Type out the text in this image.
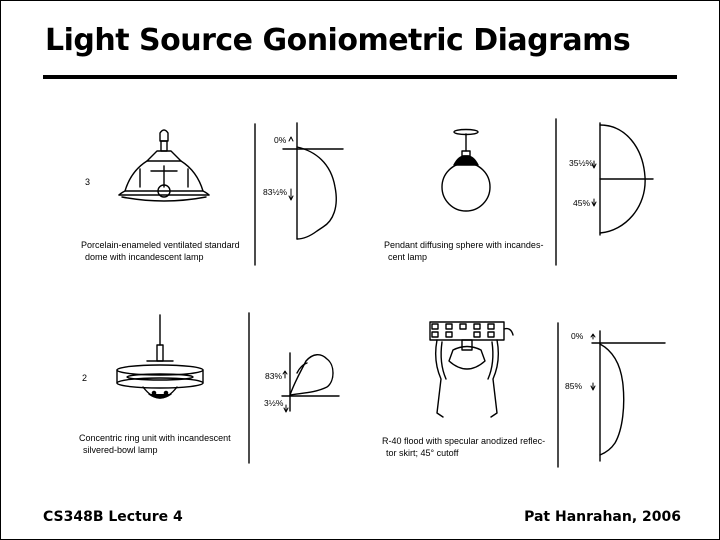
Light Source Goniometric Diagrams
3
2
0%
83½%
35½%
45%
83%
3½%
0%
85%
Porcelain-enameled ventilated standard
dome with incandescent lamp
Pendant diffusing sphere with incandes-
cent lamp
Concentric ring unit with incandescent
silvered-bowl lamp
R-40 flood with specular anodized reflec-
tor skirt; 45° cutoff
CS348B Lecture 4	Pat Hanrahan, 2006
